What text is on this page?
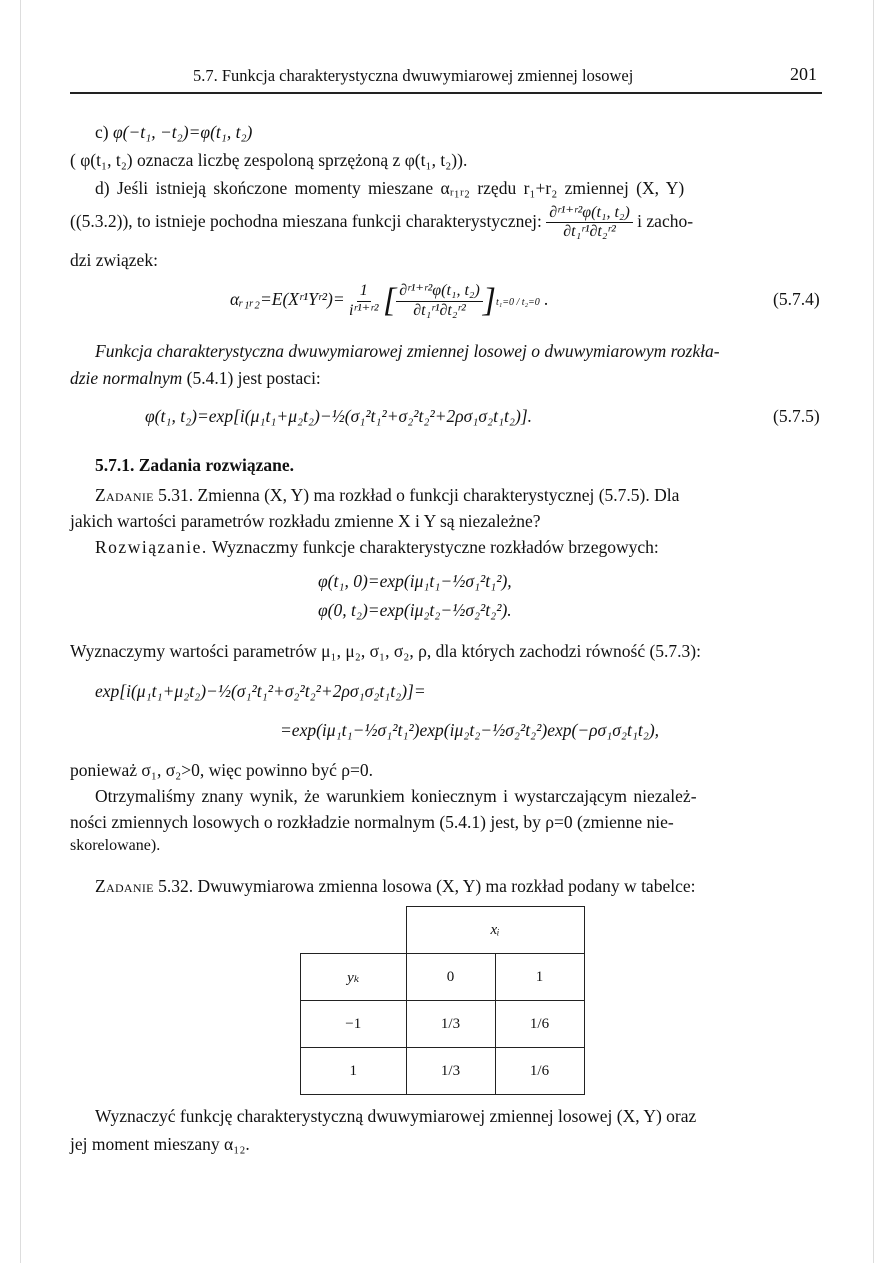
5.7. Funkcja charakterystyczna dwuwymiarowej zmiennej losowej	201
c) φ(−t₁, −t₂)=φ(t₁, t₂)
( φ(t₁, t₂) oznacza liczbę zespoloną sprzężoną z φ(t₁, t₂)).
d) Jeśli istnieją skończone momenty mieszane αᵣ₁ᵣ₂ rzędu r₁+r₂ zmiennej (X, Y)
((5.3.2)), to istnieje pochodna mieszana funkcji charakterystycznej: $\frac{\text{∂ʳ¹⁺ʳ²φ(t₁, t₂)}}{\text{∂t₁ʳ¹∂t₂ʳ²}}$ i zacho-
dzi związek:
αᵣ₁ᵣ₂=E(Xʳ¹Yʳ²)= $\frac{1}{\text{iʳ¹⁺ʳ²}}$ [ $\frac{\text{∂ʳ¹⁺ʳ²φ(t₁, t₂)}}{\text{∂t₁ʳ¹∂t₂ʳ²}} ]t_1=0 / t_2=0$ .	(5.7.4)
Funkcja charakterystyczna dwuwymiarowej zmiennej losowej o dwuwymiarowym rozkła-
dzie normalnym (5.4.1) jest postaci:
φ(t₁, t₂)=exp[i(μ₁t₁+μ₂t₂)−½(σ₁²t₁²+σ₂²t₂²+2ρσ₁σ₂t₁t₂)].	(5.7.5)
5.7.1. Zadania rozwiązane.
Zadanie 5.31. Zmienna (X, Y) ma rozkład o funkcji charakterystycznej (5.7.5). Dla
jakich wartości parametrów rozkładu zmienne X i Y są niezależne?
Rozwiązanie. Wyznaczmy funkcje charakterystyczne rozkładów brzegowych:
φ(t₁, 0)=exp(iμ₁t₁−½σ₁²t₁²),
φ(0, t₂)=exp(iμ₂t₂−½σ₂²t₂²).
Wyznaczymy wartości parametrów μ₁, μ₂, σ₁, σ₂, ρ, dla których zachodzi równość (5.7.3):
exp[i(μ₁t₁+μ₂t₂)−½(σ₁²t₁²+σ₂²t₂²+2ρσ₁σ₂t₁t₂)]=
=exp(iμ₁t₁−½σ₁²t₁²)exp(iμ₂t₂−½σ₂²t₂²)exp(−ρσ₁σ₂t₁t₂),
ponieważ σ₁, σ₂>0, więc powinno być ρ=0.
Otrzymaliśmy znany wynik, że warunkiem koniecznym i wystarczającym niezależ-
ności zmiennych losowych o rozkładzie normalnym (5.4.1) jest, by ρ=0 (zmienne nie-
skorelowane).
Zadanie 5.32. Dwuwymiarowa zmienna losowa (X, Y) ma rozkład podany w tabelce:
	xᵢ	
yₖ	0	1
−1	1/3	1/6
1	1/3	1/6
Wyznaczyć funkcję charakterystyczną dwuwymiarowej zmiennej losowej (X, Y) oraz
jej moment mieszany α₁₂.
